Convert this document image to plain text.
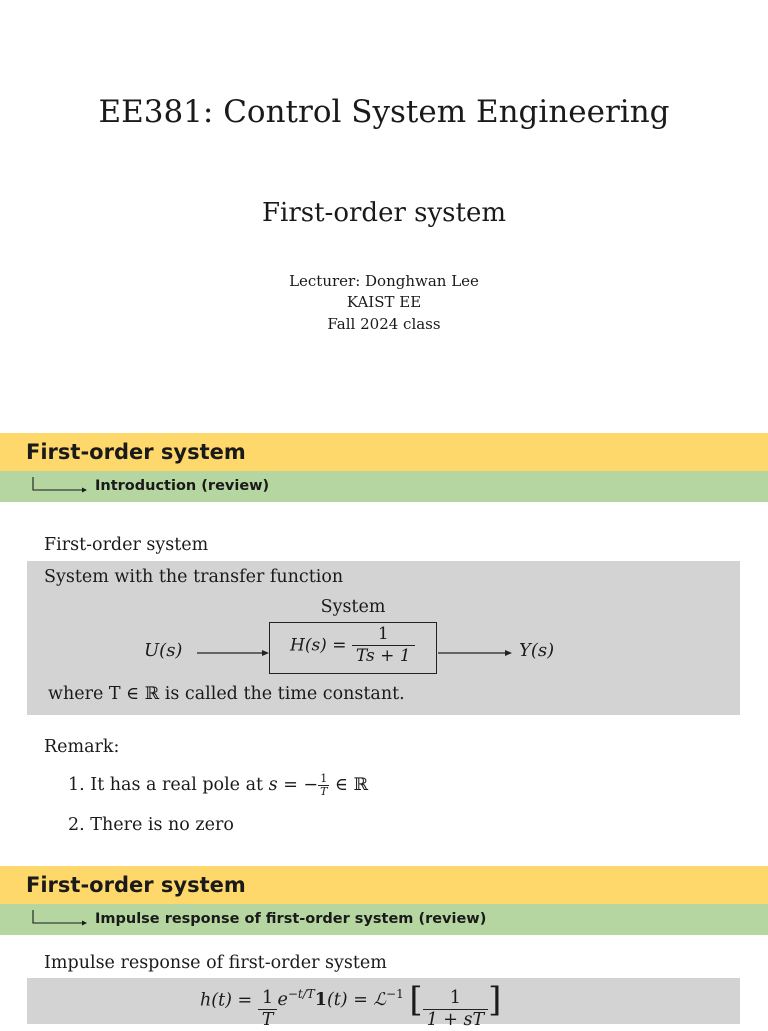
EE381: Control System Engineering
First-order system
Lecturer: Donghwan Lee
KAIST EE
Fall 2024 class
First-order system
Introduction (review)
First-order system
System with the transfer function
System
U(s)	$H(s) = \frac{1}{Ts + 1}$	Y(s)
where T ∈ ℝ is called the time constant.
Remark:
1. It has a real pole at s = − $\frac{1}{T}$ ∈ ℝ
2. There is no zero
First-order system
Impulse response of first-order system (review)
Impulse response of first-order system
$h(t) = \frac{1}{T} e^{-t/T}1(t)$ = ℒ$^{-1}$ [ $\frac{1}{1 + sT}$ ]
